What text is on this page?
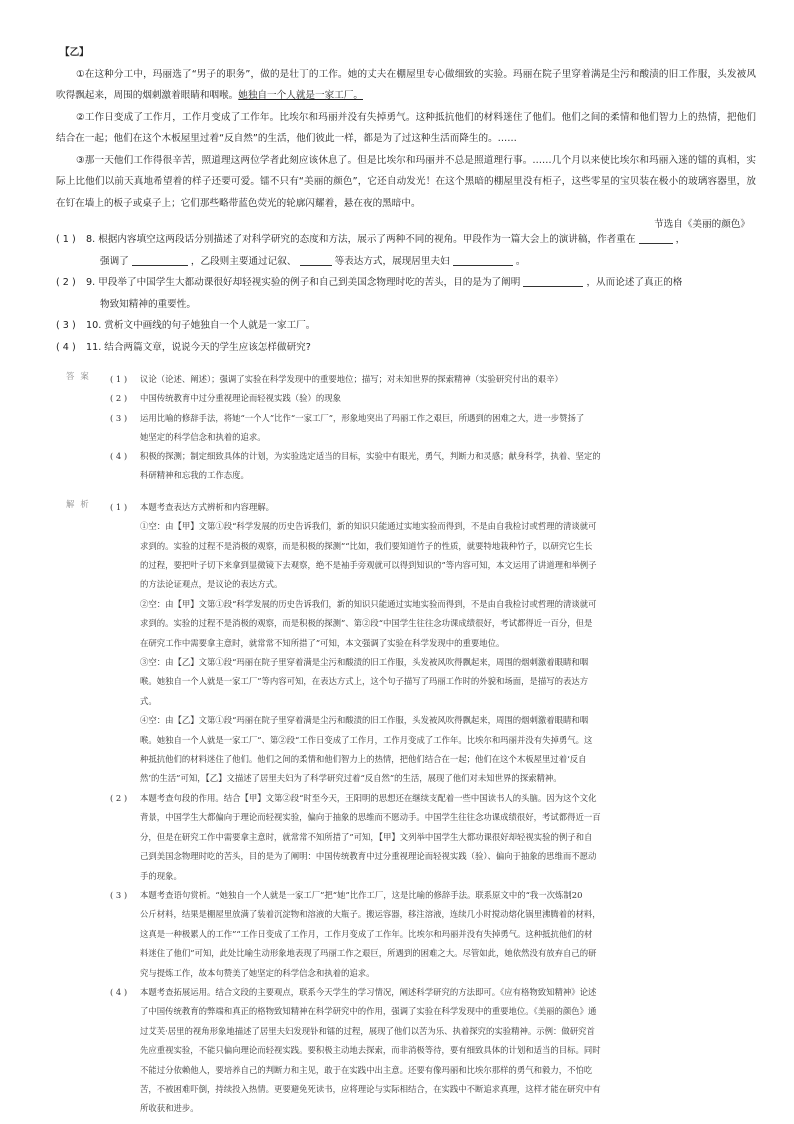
【乙】

①在这种分工中，玛丽选了“男子的职务”，做的是壮丁的工作。她的丈夫在棚屋里专心做细致的实验。玛丽在院子里穿着满是尘污和酸渍的旧工作服，头发被风吹得飘起来，周围的烟刺激着眼睛和咽喉。她独自一个人就是一家工厂。

②工作日变成了工作月，工作月变成了工作年。比埃尔和玛丽并没有失掉勇气。这种抵抗他们的材料迷住了他们。他们之间的柔情和他们智力上的热情，把他们结合在一起；他们在这个木板屋里过着“反自然”的生活，他们彼此一样，都是为了过这种生活而降生的。……

③那一天他们工作得很辛苦，照道理这两位学者此刻应该休息了。但是比埃尔和玛丽并不总是照道理行事。……几个月以来使比埃尔和玛丽入迷的镭的真相，实际上比他们以前天真地希望着的样子还要可爱。镭不只有“美丽的颜色”，它还自动发光！在这个黑暗的棚屋里没有柜子，这些零星的宝贝装在极小的玻璃容器里，放在钉在墙上的板子或桌子上；它们那些略带蓝色荧光的轮廓闪耀着，悬在夜的黑暗中。

节选自《美丽的颜色》
( 1 ) 8. 根据内容填空这两段话分别描述了对科学研究的态度和方法，展示了两种不同的视角。甲段作为一篇大会上的演讲稿，作者重在	，
强调了	，乙段则主要通过记叙、	等表达方式，展现居里夫妇	。
( 2 ) 9. 甲段举了中国学生大都动课很好却轻视实验的例子和自己到美国念物理时吃的苦头，目的是为了阐明	，从而论述了真正的格
物致知精神的重要性。
( 3 ) 10. 赏析文中画线的句子她独自一个人就是一家工厂。
( 4 ) 11. 结合两篇文章，说说今天的学生应该怎样做研究?
答案 ( 1 ) 议论（论述、阐述）；强调了实验在科学发现中的重要地位；描写；对未知世界的探索精神（实验研究付出的艰辛）
( 2 ) 中国传统教育中过分重视理论而轻视实践（验）的现象
( 3 ) 运用比喻的修辞手法，将她“一个人”比作“一家工厂”，形象地突出了玛丽工作之艰巨，所遇到的困难之大，进一步赞扬了
她坚定的科学信念和执着的追求。
( 4 ) 积极的探测；制定细致具体的计划，为实验选定适当的目标，实验中有眼光，勇气，判断力和灵感；献身科学，执着、坚定的
科研精神和忘我的工作态度。
解析 ( 1 ) 本题考查表达方式辨析和内容理解。
①空：由【甲】文第①段“科学发展的历史告诉我们，新的知识只能通过实地实验而得到，不是由自我检讨或哲理的清谈就可
求到的。实验的过程不是消极的观察，而是积极的探测”“比如，我们要知道竹子的性质，就要特地栽种竹子，以研究它生长
的过程，要把叶子切下来拿到显微镜下去观察，绝不是袖手旁观就可以得到知识的”等内容可知，本文运用了讲道理和举例子
的方法论证观点，是议论的表达方式。
②空：由【甲】文第①段“科学发展的历史告诉我们，新的知识只能通过实地实验而得到，不是由自我检讨或哲理的清谈就可
求到的。实验的过程不是消极的观察，而是积极的探测”、第②段“中国学生往往念功课成绩很好，考试都得近一百分，但是
在研究工作中需要拿主意时，就常常不知所措了”可知，本文强调了实验在科学发现中的重要地位。
③空：由【乙】文第①段“玛丽在院子里穿着满是尘污和酸渍的旧工作服，头发被风吹得飘起来，周围的烟刺激着眼睛和咽
喉。她独自一个人就是一家工厂”等内容可知，在表达方式上，这个句子描写了玛丽工作时的外貌和场面，是描写的表达方
式。
④空：由【乙】文第①段“玛丽在院子里穿着满是尘污和酸渍的旧工作服，头发被风吹得飘起来，周围的烟刺激着眼睛和咽
喉。她独自一个人就是一家工厂”、第②段“工作日变成了工作月，工作月变成了工作年。比埃尔和玛丽并没有失掉勇气。这
种抵抗他们的材料迷住了他们。他们之间的柔情和他们智力上的热情，把他们结合在一起；他们在这个木板屋里过着‘反自
然’的生活”可知，【乙】文描述了居里夫妇为了科学研究过着“反自然”的生活，展现了他们对未知世界的探索精神。
( 2 ) 本题考查句段的作用。结合【甲】文第②段“时至今天，王阳明的思想还在继续支配着一些中国读书人的头脑。因为这个文化
背景，中国学生大都偏向于理论而轻视实验，偏向于抽象的思维而不愿动手。中国学生往往念功课成绩很好，考试都得近一百
分，但是在研究工作中需要拿主意时，就常常不知所措了”可知，【甲】文列举中国学生大都功课很好却轻视实验的例子和自
己到美国念物理时吃的苦头，目的是为了阐明：中国传统教育中过分重视理论而轻视实践（验）、偏向于抽象的思维而不愿动
手的现象。
( 3 ) 本题考查语句赏析。“她独自一个人就是一家工厂”把“她”比作工厂，这是比喻的修辞手法。联系原文中的“我一次炼制20
公斤材料，结果是棚屋里放满了装着沉淀物和溶液的大瓶子。搬运容器，移注溶液，连续几小时搅动熔化锅里沸腾着的材料，
这真是一种极累人的工作”“工作日变成了工作月，工作月变成了工作年。比埃尔和玛丽并没有失掉勇气。这种抵抗他们的材
料迷住了他们”可知，此处比喻生动形象地表现了玛丽工作之艰巨，所遇到的困难之大。尽管如此，她依然没有放弃自己的研
究与提炼工作，故本句赞美了她坚定的科学信念和执着的追求。
( 4 ) 本题考查拓展运用。结合文段的主要观点，联系今天学生的学习情况，阐述科学研究的方法即可。《应有格物致知精神》论述
了中国传统教育的弊端和真正的格物致知精神在科学研究中的作用，强调了实验在科学发现中的重要地位。《美丽的颜色》通
过艾芙·居里的视角形象地描述了居里夫妇发现钋和镭的过程，展现了他们以苦为乐、执着探究的实验精神。示例：做研究首
先应重视实验，不能只偏向理论而轻视实践。要积极主动地去探索，而非消极等待，要有细致具体的计划和适当的目标。同时
不能过分依赖他人，要培养自己的判断力和主见，敢于在实践中出主意。还要有像玛丽和比埃尔那样的勇气和毅力，不怕吃
苦，不被困难吓倒，持续投入热情。更要避免死读书，应将理论与实际相结合，在实践中不断追求真理，这样才能在研究中有
所收获和进步。
